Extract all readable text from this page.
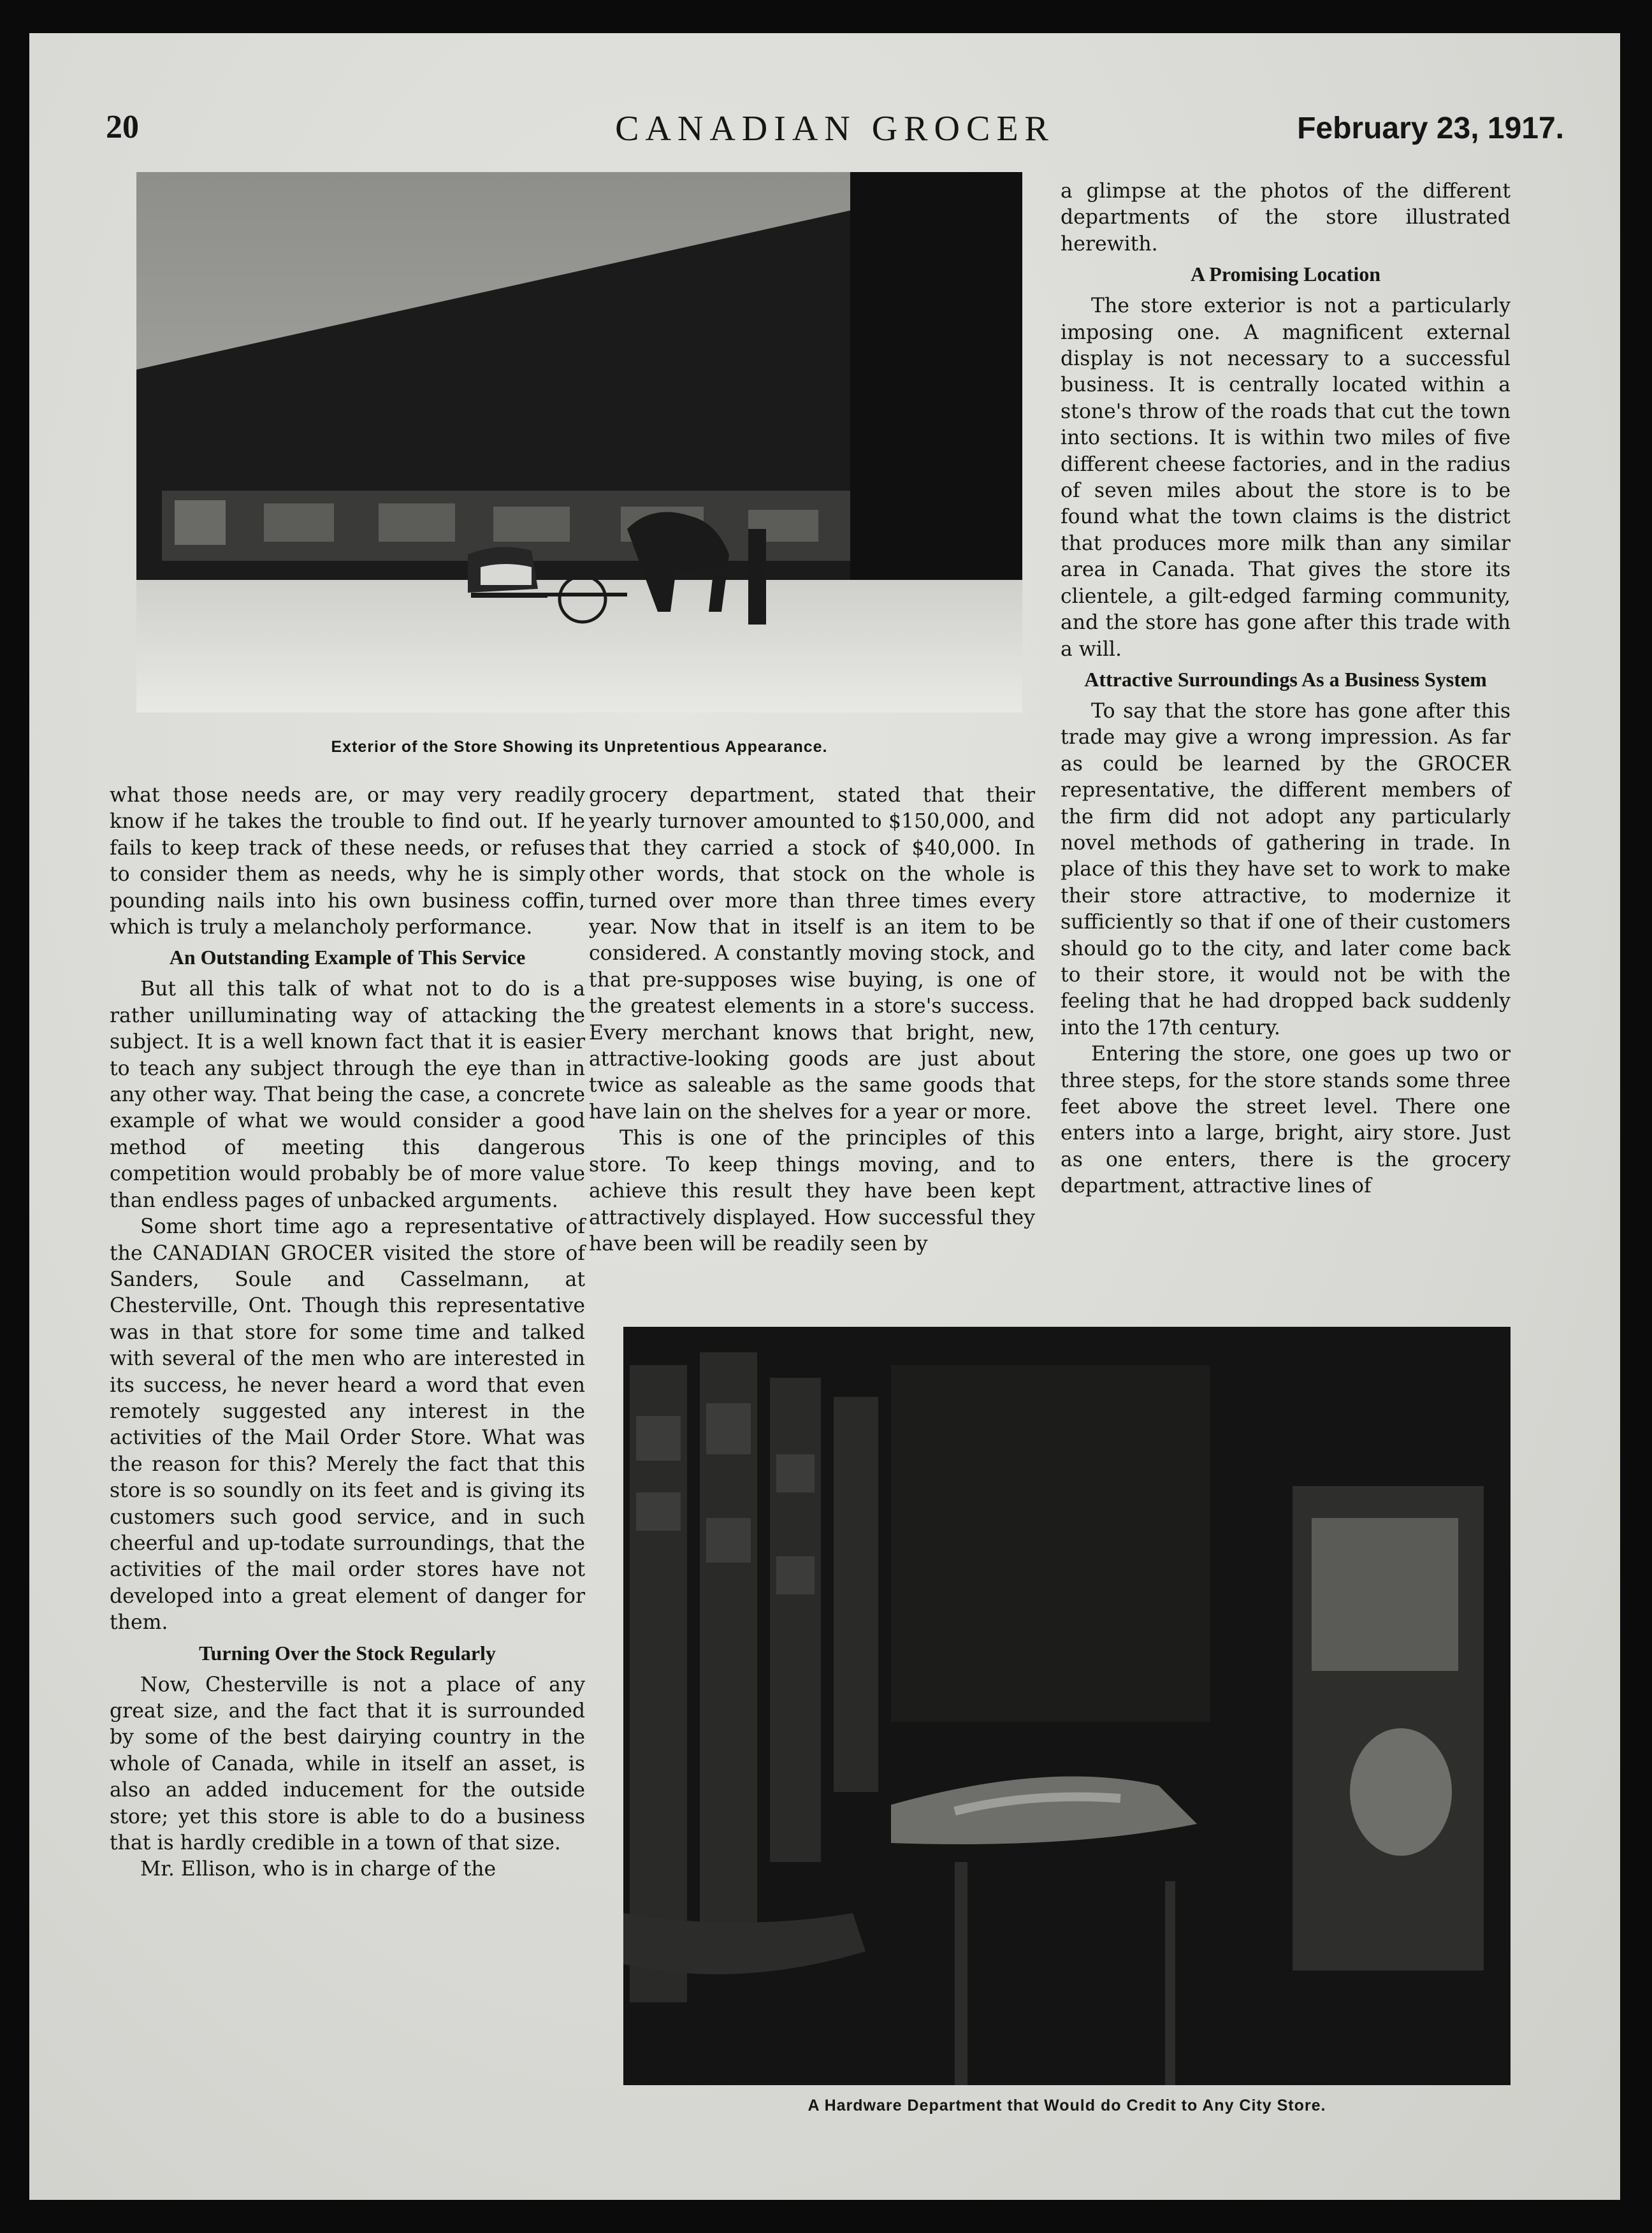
20	CANADIAN GROCER	February 23, 1917.
Exterior of the Store Showing its Unpretentious Appearance.

a glimpse at the photos of the different departments of the store illustrated herewith.

A Promising Location

The store exterior is not a particularly imposing one. A magnificent external display is not necessary to a successful business. It is centrally located within a stone's throw of the roads that cut the town into sections. It is within two miles of five different cheese factories, and in the radius of seven miles about the store is to be found what the town claims is the district that produces more milk than any similar area in Canada. That gives the store its clientele, a gilt-edged farming community, and the store has gone after this trade with a will.

Attractive Surroundings As a Business System

To say that the store has gone after this trade may give a wrong impression. As far as could be learned by the GROCER representative, the different members of the firm did not adopt any particularly novel methods of gathering in trade. In place of this they have set to work to make their store attractive, to modernize it sufficiently so that if one of their customers should go to the city, and later come back to their store, it would not be with the feeling that he had dropped back suddenly into the 17th century.

Entering the store, one goes up two or three steps, for the store stands some three feet above the street level. There one enters into a large, bright, airy store. Just as one enters, there is the grocery department, attractive lines of

what those needs are, or may very readily know if he takes the trouble to find out. If he fails to keep track of these needs, or refuses to consider them as needs, why he is simply pounding nails into his own business coffin, which is truly a melancholy performance.

An Outstanding Example of This Service

But all this talk of what not to do is a rather unilluminating way of attacking the subject. It is a well known fact that it is easier to teach any subject through the eye than in any other way. That being the case, a concrete example of what we would consider a good method of meeting this dangerous competition would probably be of more value than endless pages of unbacked arguments.

Some short time ago a representative of the CANADIAN GROCER visited the store of Sanders, Soule and Casselmann, at Chesterville, Ont. Though this representative was in that store for some time and talked with several of the men who are interested in its success, he never heard a word that even remotely suggested any interest in the activities of the Mail Order Store. What was the reason for this? Merely the fact that this store is so soundly on its feet and is giving its customers such good service, and in such cheerful and up-todate surroundings, that the activities of the mail order stores have not developed into a great element of danger for them.

Turning Over the Stock Regularly

Now, Chesterville is not a place of any great size, and the fact that it is surrounded by some of the best dairying country in the whole of Canada, while in itself an asset, is also an added inducement for the outside store; yet this store is able to do a business that is hardly credible in a town of that size.

Mr. Ellison, who is in charge of the

grocery department, stated that their yearly turnover amounted to $150,000, and that they carried a stock of $40,000. In other words, that stock on the whole is turned over more than three times every year. Now that in itself is an item to be considered. A constantly moving stock, and that pre-supposes wise buying, is one of the greatest elements in a store's success. Every merchant knows that bright, new, attractive-looking goods are just about twice as saleable as the same goods that have lain on the shelves for a year or more.

This is one of the principles of this store. To keep things moving, and to achieve this result they have been kept attractively displayed. How successful they have been will be readily seen by

A Hardware Department that Would do Credit to Any City Store.
